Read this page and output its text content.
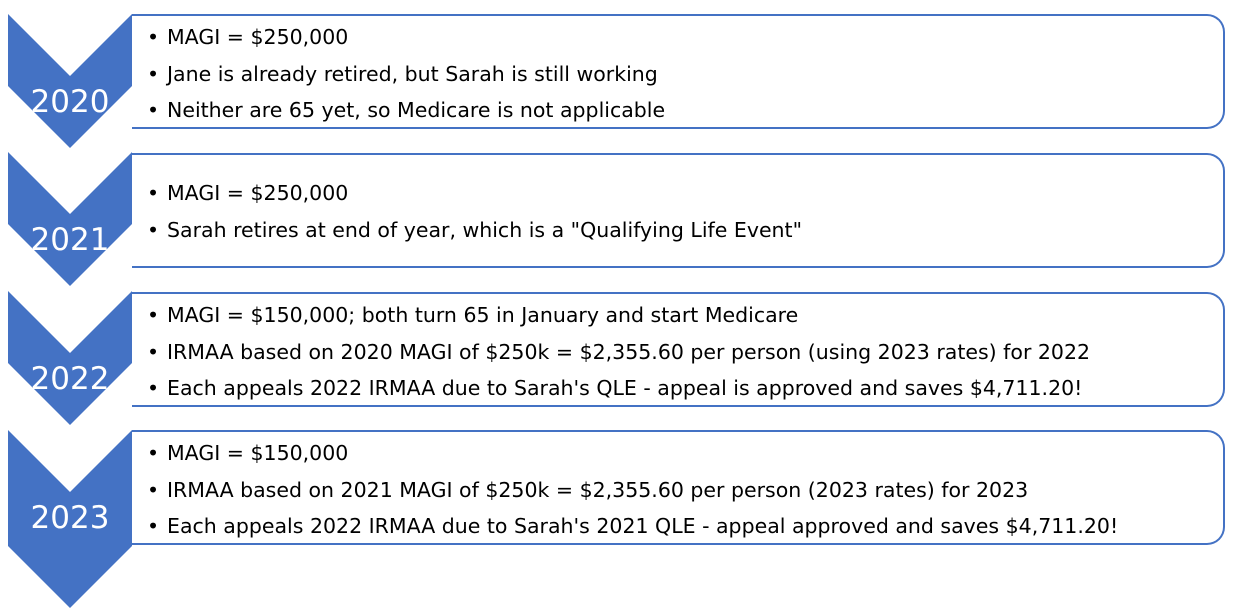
2020
• MAGI = $250,000
• Jane is already retired, but Sarah is still working
• Neither are 65 yet, so Medicare is not applicable
2021
• MAGI = $250,000
• Sarah retires at end of year, which is a "Qualifying Life Event"
2022
• MAGI = $150,000; both turn 65 in January and start Medicare
• IRMAA based on 2020 MAGI of $250k = $2,355.60 per person (using 2023 rates) for 2022
• Each appeals 2022 IRMAA due to Sarah's QLE - appeal is approved and saves $4,711.20!
2023
• MAGI = $150,000
• IRMAA based on 2021 MAGI of $250k = $2,355.60 per person (2023 rates) for 2023
• Each appeals 2022 IRMAA due to Sarah's 2021 QLE - appeal approved and saves $4,711.20!
